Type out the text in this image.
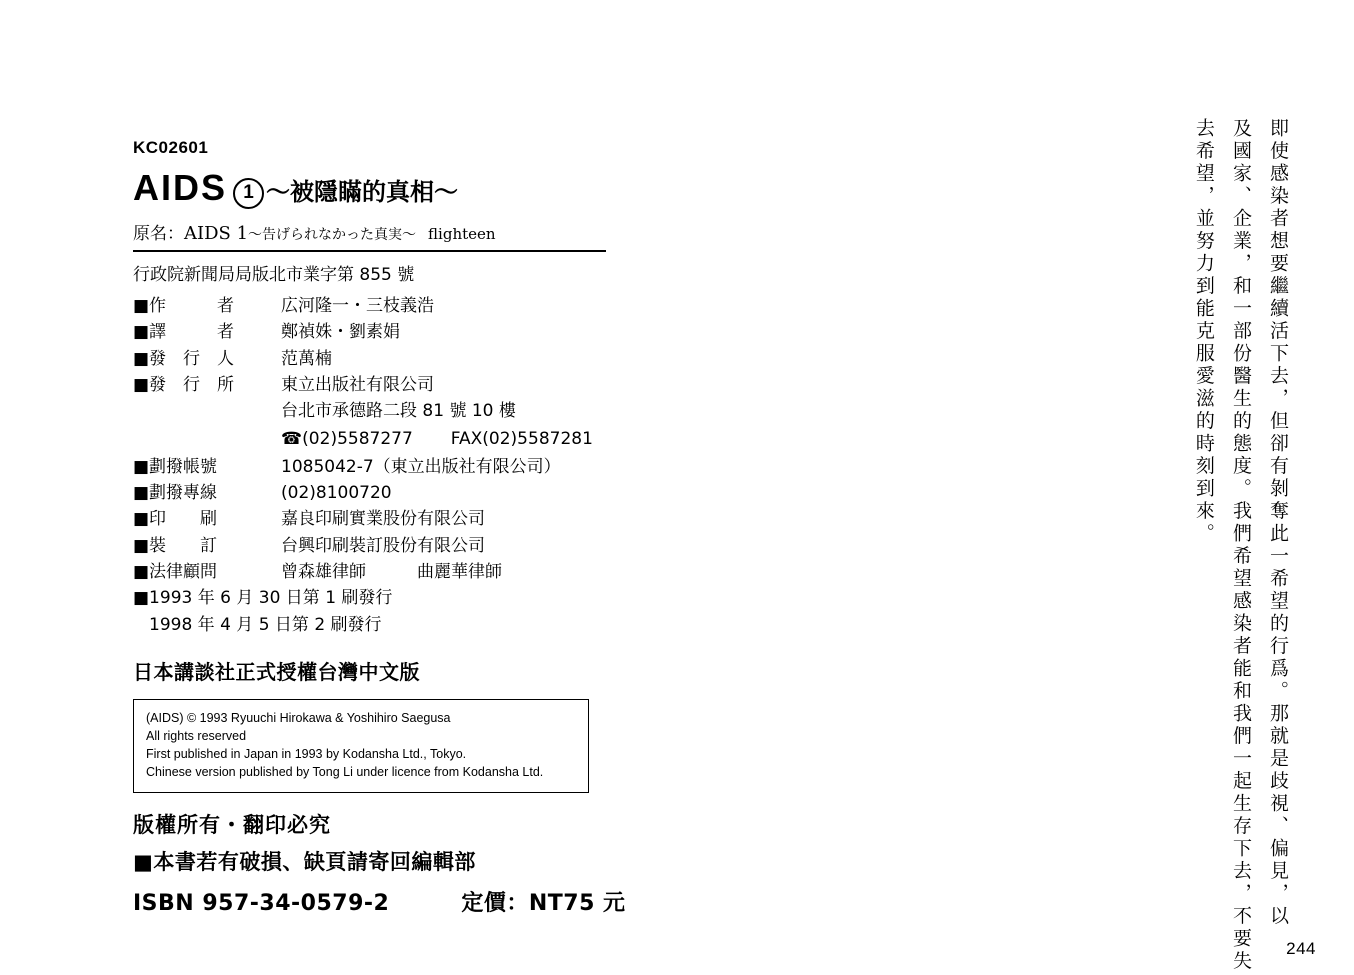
KC02601
AIDS 1 ～被隱瞞的真相～
原名：AIDS 1～告げられなかった真実～ flighteen
行政院新聞局局版北市業字第 855 號
■作　　　者	広河隆一・三枝義浩
■譯　　　者	鄭禎姝・劉素娟
■發　行　人	范萬楠
■發　行　所	東立出版社有限公司
台北市承德路二段 81 號 10 樓
☎(02)5587277 FAX(02)5587281
■劃撥帳號	1085042-7（東立出版社有限公司）
■劃撥專線	(02)8100720
■印　　刷	嘉良印刷實業股份有限公司
■裝　　訂	台興印刷裝訂股份有限公司
■法律顧問	曾森雄律師　　　曲麗華律師
■1993 年 6 月 30 日第 1 刷發行
1998 年 4 月 5 日第 2 刷發行
日本講談社正式授權台灣中文版
(AIDS) © 1993 Ryuuchi Hirokawa & Yoshihiro Saegusa
All rights reserved
First published in Japan in 1993 by Kodansha Ltd., Tokyo.
Chinese version published by Tong Li under licence from Kodansha Ltd.
版權所有・翻印必究
■本書若有破損、缺頁請寄回編輯部
ISBN 957-34-0579-2	定價：NT75 元	即使感染者想要繼續活下去，但卻有剝奪此一希望的行爲。那就是歧視、偏見，以
及國家、企業，和一部份醫生的態度。我們希望感染者能和我們一起生存下去，不要失
去希望，並努力到能克服愛滋的時刻到來。
244
